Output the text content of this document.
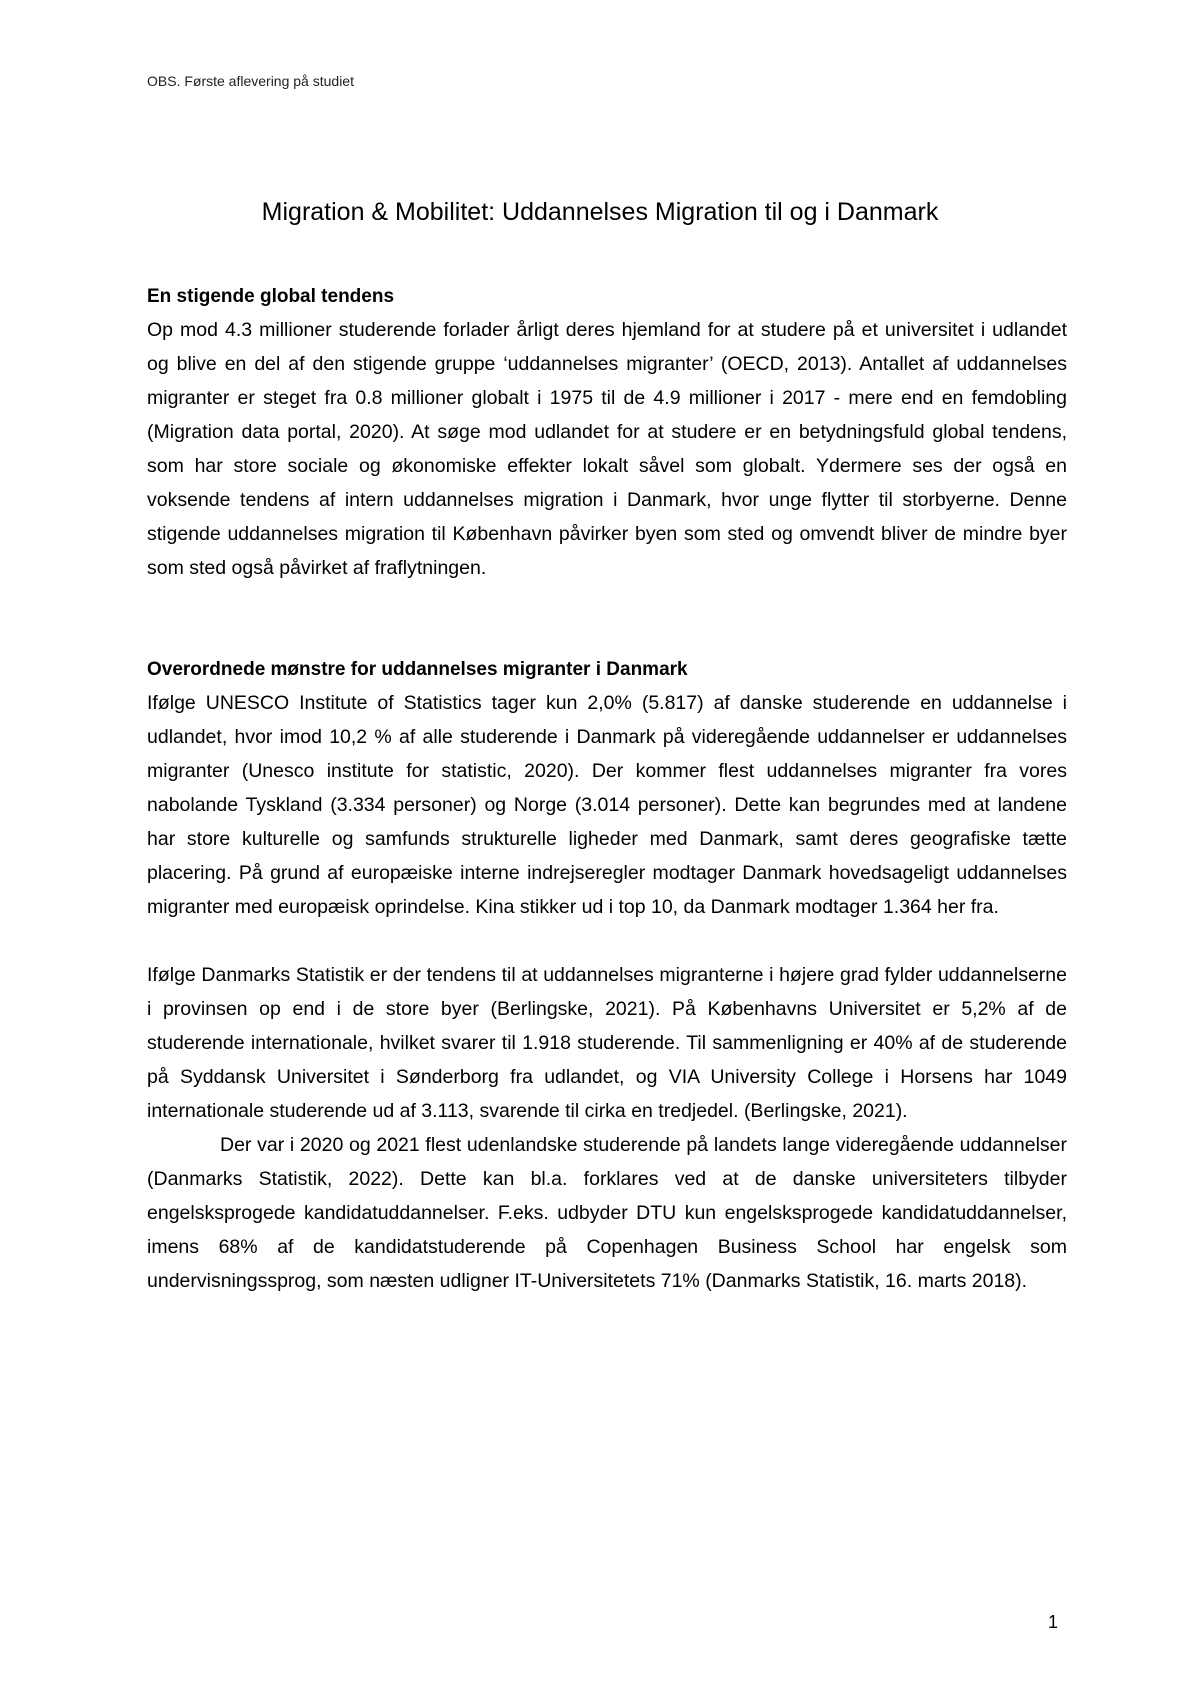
OBS. Første aflevering på studiet
Migration & Mobilitet: Uddannelses Migration til og i Danmark
En stigende global tendens

Op mod 4.3 millioner studerende forlader årligt deres hjemland for at studere på et universitet i udlandet og blive en del af den stigende gruppe ‘uddannelses migranter’ (OECD, 2013). Antallet af uddannelses migranter er steget fra 0.8 millioner globalt i 1975 til de 4.9 millioner i 2017 - mere end en femdobling (Migration data portal, 2020). At søge mod udlandet for at studere er en betydningsfuld global tendens, som har store sociale og økonomiske effekter lokalt såvel som globalt. Ydermere ses der også en voksende tendens af intern uddannelses migration i Danmark, hvor unge flytter til storbyerne. Denne stigende uddannelses migration til København påvirker byen som sted og omvendt bliver de mindre byer som sted også påvirket af fraflytningen.

Overordnede mønstre for uddannelses migranter i Danmark

Ifølge UNESCO Institute of Statistics tager kun 2,0% (5.817) af danske studerende en uddannelse i udlandet, hvor imod 10,2 % af alle studerende i Danmark på videregående uddannelser er uddannelses migranter (Unesco institute for statistic, 2020). Der kommer flest uddannelses migranter fra vores nabolande Tyskland (3.334 personer) og Norge (3.014 personer). Dette kan begrundes med at landene har store kulturelle og samfunds strukturelle ligheder med Danmark, samt deres geografiske tætte placering. På grund af europæiske interne indrejseregler modtager Danmark hovedsageligt uddannelses migranter med europæisk oprindelse. Kina stikker ud i top 10, da Danmark modtager 1.364 her fra.

Ifølge Danmarks Statistik er der tendens til at uddannelses migranterne i højere grad fylder uddannelserne i provinsen op end i de store byer (Berlingske, 2021). På Københavns Universitet er 5,2% af de studerende internationale, hvilket svarer til 1.918 studerende. Til sammenligning er 40% af de studerende på Syddansk Universitet i Sønderborg fra udlandet, og VIA University College i Horsens har 1049 internationale studerende ud af 3.113, svarende til cirka en tredjedel. (Berlingske, 2021).

Der var i 2020 og 2021 flest udenlandske studerende på landets lange videregående uddannelser (Danmarks Statistik, 2022). Dette kan bl.a. forklares ved at de danske universiteters tilbyder engelsksprogede kandidatuddannelser. F.eks. udbyder DTU kun engelsksprogede kandidatuddannelser, imens 68% af de kandidatstuderende på Copenhagen Business School har engelsk som undervisningssprog, som næsten udligner IT-Universitetets 71% (Danmarks Statistik, 16. marts 2018).

1
